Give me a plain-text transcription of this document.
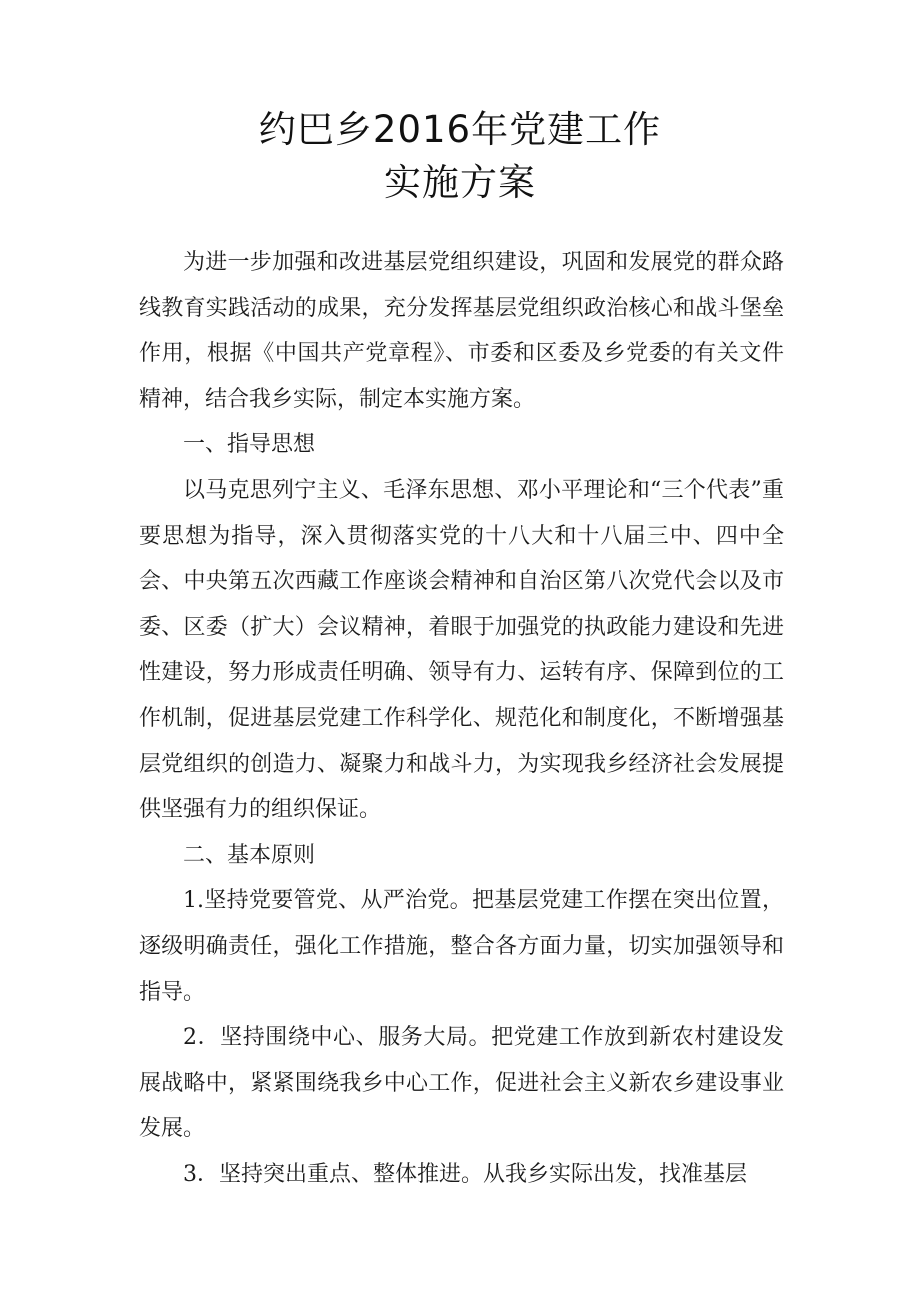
约巴乡2016年党建工作
实施方案

为进一步加强和改进基层党组织建设，巩固和发展党的群众路线教育实践活动的成果，充分发挥基层党组织政治核心和战斗堡垒作用，根据《中国共产党章程》、市委和区委及乡党委的有关文件精神，结合我乡实际，制定本实施方案。

一、指导思想

以马克思列宁主义、毛泽东思想、邓小平理论和“三个代表”重要思想为指导，深入贯彻落实党的十八大和十八届三中、四中全会、中央第五次西藏工作座谈会精神和自治区第八次党代会以及市委、区委（扩大）会议精神，着眼于加强党的执政能力建设和先进性建设，努力形成责任明确、领导有力、运转有序、保障到位的工作机制，促进基层党建工作科学化、规范化和制度化，不断增强基层党组织的创造力、凝聚力和战斗力，为实现我乡经济社会发展提供坚强有力的组织保证。

二、基本原则

1.坚持党要管党、从严治党。把基层党建工作摆在突出位置，逐级明确责任，强化工作措施，整合各方面力量，切实加强领导和指导。

2．坚持围绕中心、服务大局。把党建工作放到新农村建设发展战略中，紧紧围绕我乡中心工作，促进社会主义新农乡建设事业发展。

3．坚持突出重点、整体推进。从我乡实际出发，找准基层
